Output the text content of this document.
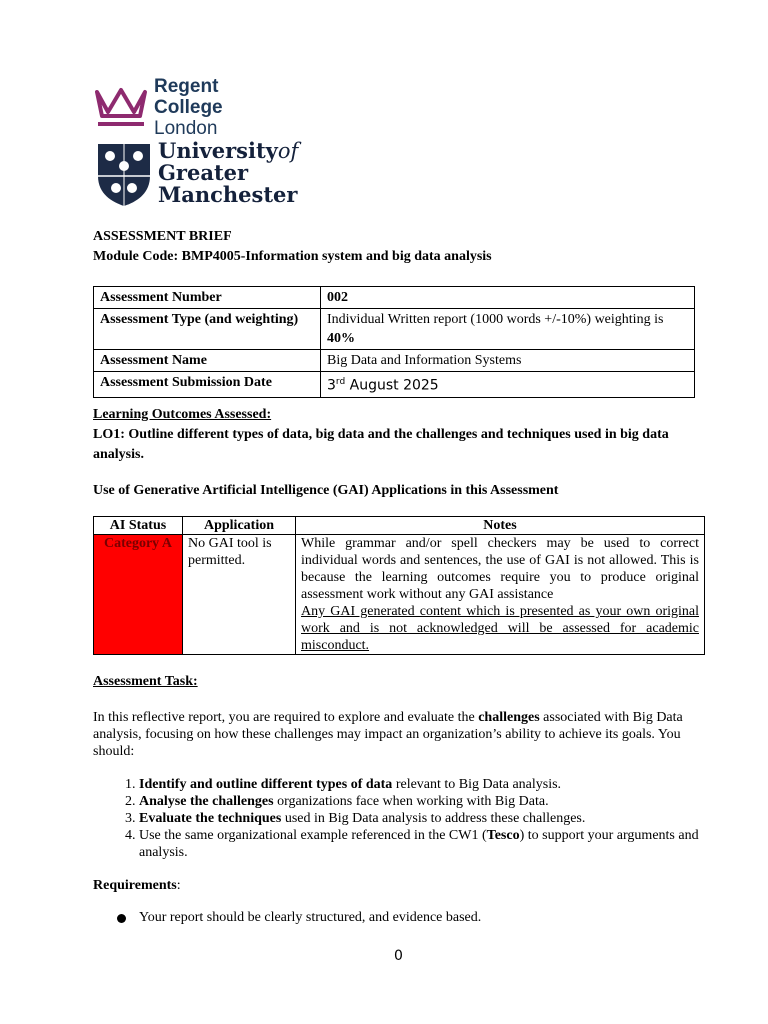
Regent
College
London
Universityof
Greater
Manchester
ASSESSMENT BRIEF
Module Code: BMP4005-Information system and big data analysis
Assessment Number	002
Assessment Type (and weighting)	Individual Written report (1000 words +/-10%) weighting is 40%
Assessment Name	Big Data and Information Systems
Assessment Submission Date	3rd August 2025
Learning Outcomes Assessed:
LO1: Outline different types of data, big data and the challenges and techniques used in big data analysis.
Use of Generative Artificial Intelligence (GAI) Applications in this Assessment
AI Status	Application	Notes
Category A	No GAI tool is permitted.	While grammar and/or spell checkers may be used to correct individual words and sentences, the use of GAI is not allowed. This is because the learning outcomes require you to produce original assessment work without any GAI assistance
Any GAI generated content which is presented as your own original work and is not acknowledged will be assessed for academic misconduct.
Assessment Task:
In this reflective report, you are required to explore and evaluate the challenges associated with Big Data analysis, focusing on how these challenges may impact an organization’s ability to achieve its goals. You should:
1. Identify and outline different types of data relevant to Big Data analysis.
2. Analyse the challenges organizations face when working with Big Data.
3. Evaluate the techniques used in Big Data analysis to address these challenges.
4. Use the same organizational example referenced in the CW1 (Tesco) to support your arguments and analysis.
Requirements:
Your report should be clearly structured, and evidence based.
0
